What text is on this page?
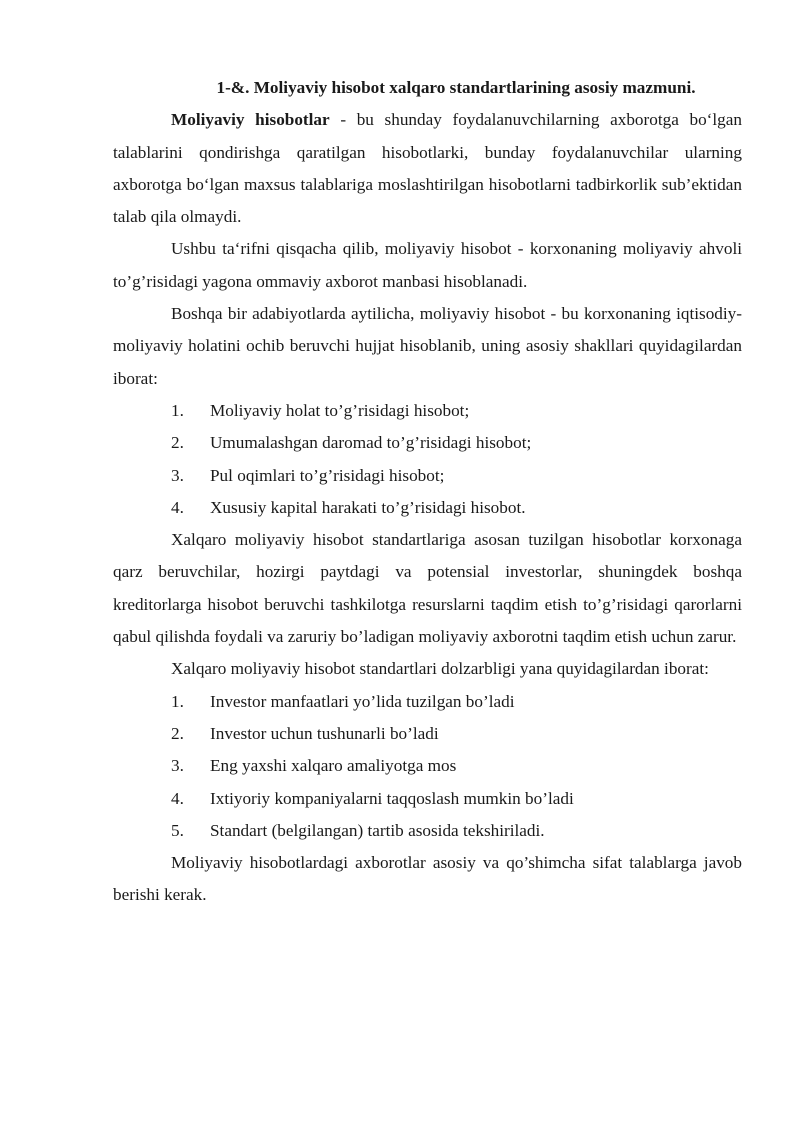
1-&. Moliyaviy hisobot xalqaro standartlarining asosiy mazmuni.

Moliyaviy hisobotlar - bu shunday foydalanuvchilarning axborotga bo‘lgan talablarini qondirishga qaratilgan hisobotlarki, bunday foydalanuvchilar ularning axborotga bo‘lgan maxsus talablariga moslashtirilgan hisobotlarni tadbirkorlik sub’ektidan talab qila olmaydi.

Ushbu ta‘rifni qisqacha qilib, moliyaviy hisobot - korxonaning moliyaviy ahvoli to’g’risidagi yagona ommaviy axborot manbasi hisoblanadi.

Boshqa bir adabiyotlarda aytilicha, moliyaviy hisobot - bu korxonaning iqtisodiy-moliyaviy holatini ochib beruvchi hujjat hisoblanib, uning asosiy shakllari quyidagilardan iborat:

1.	Moliyaviy holat to’g’risidagi hisobot;
2.	Umumalashgan daromad to’g’risidagi hisobot;
3.	Pul oqimlari to’g’risidagi hisobot;
4.	Xususiy kapital harakati to’g’risidagi hisobot.

Xalqaro moliyaviy hisobot standartlariga asosan tuzilgan hisobotlar korxonaga qarz beruvchilar, hozirgi paytdagi va potensial investorlar, shuningdek boshqa kreditorlarga hisobot beruvchi tashkilotga resurslarni taqdim etish to’g’risidagi qarorlarni qabul qilishda foydali va zaruriy bo’ladigan moliyaviy axborotni taqdim etish uchun zarur.

Xalqaro moliyaviy hisobot standartlari dolzarbligi yana quyidagilardan iborat:

1.	Investor manfaatlari yo’lida tuzilgan bo’ladi
2.	Investor uchun tushunarli bo’ladi
3.	Eng yaxshi xalqaro amaliyotga mos
4.	Ixtiyoriy kompaniyalarni taqqoslash mumkin bo’ladi
5.	Standart (belgilangan) tartib asosida tekshiriladi.

Moliyaviy hisobotlardagi axborotlar asosiy va qo’shimcha sifat talablarga javob berishi kerak.
